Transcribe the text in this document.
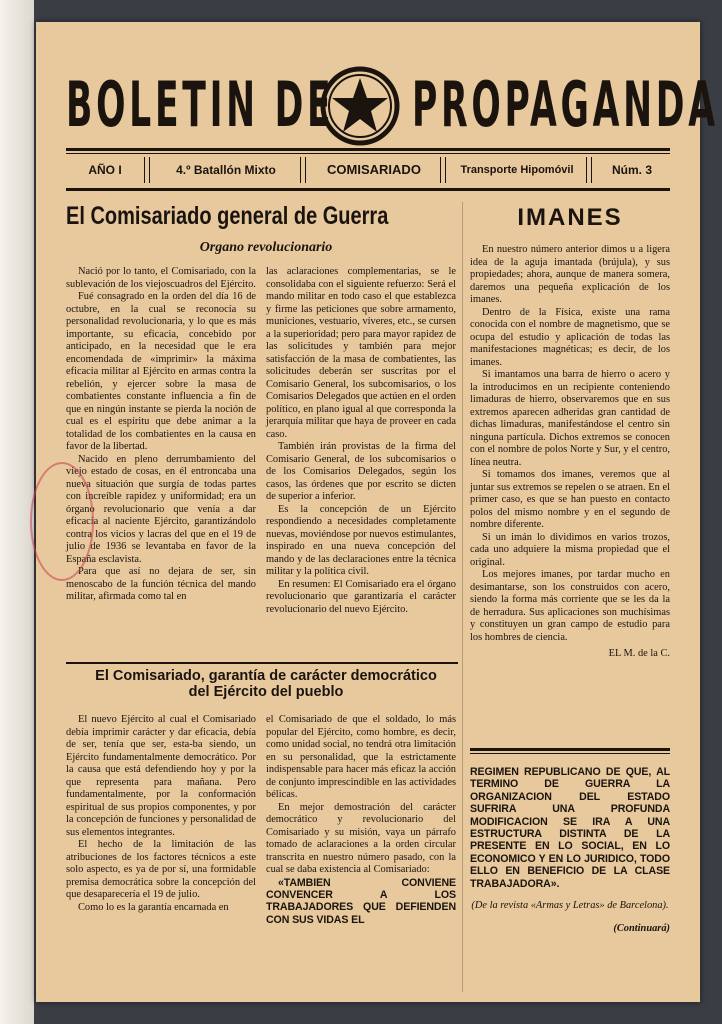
BOLETIN DE PROPAGANDA
AÑO I	4.º Batallón Mixto	COMISARIADO	Transporte Hipomóvil	Núm. 3
El Comisariado general de Guerra
Organo revolucionario

Nació por lo tanto, el Comisariado, con la sublevación de los viejoscuadros del Ejército.

Fué consagrado en la orden del día 16 de octubre, en la cual se reconocía su personalidad revolucionaria, y lo que es más importante, su eficacia, concebido por anticipado, en la necesidad que le era encomendada de «imprimir» la máxima eficacia militar al Ejército en armas contra la rebelión, y ejercer sobre la masa de combatientes constante influencia a fin de que en ningún instante se pierda la noción de cual es el espíritu que debe animar a la totalidad de los combatientes en la causa en favor de la libertad.

Nacido en pleno derrumbamiento del viejo estado de cosas, en él entroncaba una nueva situación que surgía de todas partes con increíble rapidez y uniformidad; era un órgano revolucionario que venía a dar eficacia al naciente Ejército, garantizándolo contra los vicios y lacras del que en el 19 de julio de 1936 se levantaba en favor de la España esclavista.

Para que así no dejara de ser, sin menoscabo de la función técnica del mando militar, afirmada como tal en

las aclaraciones complementarias, se le consolidaba con el siguiente refuerzo: Será el mando militar en todo caso el que establezca y firme las peticiones que sobre armamento, municiones, vestuario, víveres, etc., se cursen a la superioridad; pero para mayor rapidez de las solicitudes y también para mejor satisfacción de la masa de combatientes, las solicitudes deberán ser suscritas por el Comisario General, los subcomisarios, o los Comisarios Delegados que actúen en el orden político, en plano igual al que corresponda la jerarquía militar que haya de proveer en cada caso.

También irán provistas de la firma del Comisario General, de los subcomisarios o de los Comisarios Delegados, según los casos, las órdenes que por escrito se dicten de superior a inferior.

Es la concepción de un Ejército respondiendo a necesidades completamente nuevas, moviéndose por nuevos estimulantes, inspirado en una nueva concepción del mando y de las declaraciones entre la técnica militar y la política civil.

En resumen: El Comisariado era el órgano revolucionario que garantizaría el carácter revolucionario del nuevo Ejército.

El Comisariado, garantía de carácter democrático
del Ejército del pueblo

El nuevo Ejército al cual el Comisariado debía imprimir carácter y dar eficacia, debía de ser, tenía que ser, esta-ba siendo, un Ejército fundamentalmente democrático. Por la causa que está defendiendo hoy y por la que representa para mañana. Pero fundamentalmente, por la conformación espiritual de sus propios componentes, y por la concepción de funciones y personalidad de sus elementos integrantes.

El hecho de la limitación de las atribuciones de los factores técnicos a este solo aspecto, es ya de por sí, una formidable premisa democrática sobre la concepción del que desaparecería el 19 de julio.

Como lo es la garantía encarnada en

el Comisariado de que el soldado, lo más popular del Ejército, como hombre, es decir, como unidad social, no tendrá otra limitación en su personalidad, que la estrictamente indispensable para hacer más eficaz la acción de conjunto imprescindible en las actividades bélicas.

En mejor demostración del carácter democrático y revolucionario del Comisariado y su misión, vaya un párrafo tomado de aclaraciones a la orden circular transcrita en nuestro número pasado, con la cual se daba existencia al Comisariado:

«TAMBIEN CONVIENE CONVENCER A LOS TRABAJADORES QUE DEFIENDEN CON SUS VIDAS EL

IMANES

En nuestro número anterior dimos u a ligera idea de la aguja imantada (brújula), y sus propiedades; ahora, aunque de manera somera, daremos una pequeña explicación de los imanes.

Dentro de la Física, existe una rama conocida con el nombre de magnetismo, que se ocupa del estudio y aplicación de todas las manifestaciones magnéticas; es decir, de los imanes.

Si imantamos una barra de hierro o acero y la introducimos en un recipiente conteniendo limaduras de hierro, observaremos que en sus extremos aparecen adheridas gran cantidad de dichas limaduras, manifestándose el centro sin ninguna partícula. Dichos extremos se conocen con el nombre de polos Norte y Sur, y el centro, línea neutra.

Si tomamos dos imanes, veremos que al juntar sus extremos se repelen o se atraen. En el primer caso, es que se han puesto en contacto polos del mismo nombre y en el segundo de nombre diferente.

Si un imán lo dividimos en varios trozos, cada uno adquiere la misma propiedad que el original.

Los mejores imanes, por tardar mucho en desimantarse, son los construidos con acero, siendo la forma más corriente que se les da la de herradura. Sus aplicaciones son muchísimas y constituyen un gran campo de estudio para los hombres de ciencia.

EL M. de la C.

REGIMEN REPUBLICANO DE QUE, AL TERMINO DE GUERRA LA ORGANIZACION DEL ESTADO SUFRIRA UNA PROFUNDA MODIFICACION SE IRA A UNA ESTRUCTURA DISTINTA DE LA PRESENTE EN LO SOCIAL, EN LO ECONOMICO Y EN LO JURIDICO, TODO ELLO EN BENEFICIO DE LA CLASE TRABAJADORA».

(De la revista «Armas y Letras» de Barcelona).

(Continuará)
